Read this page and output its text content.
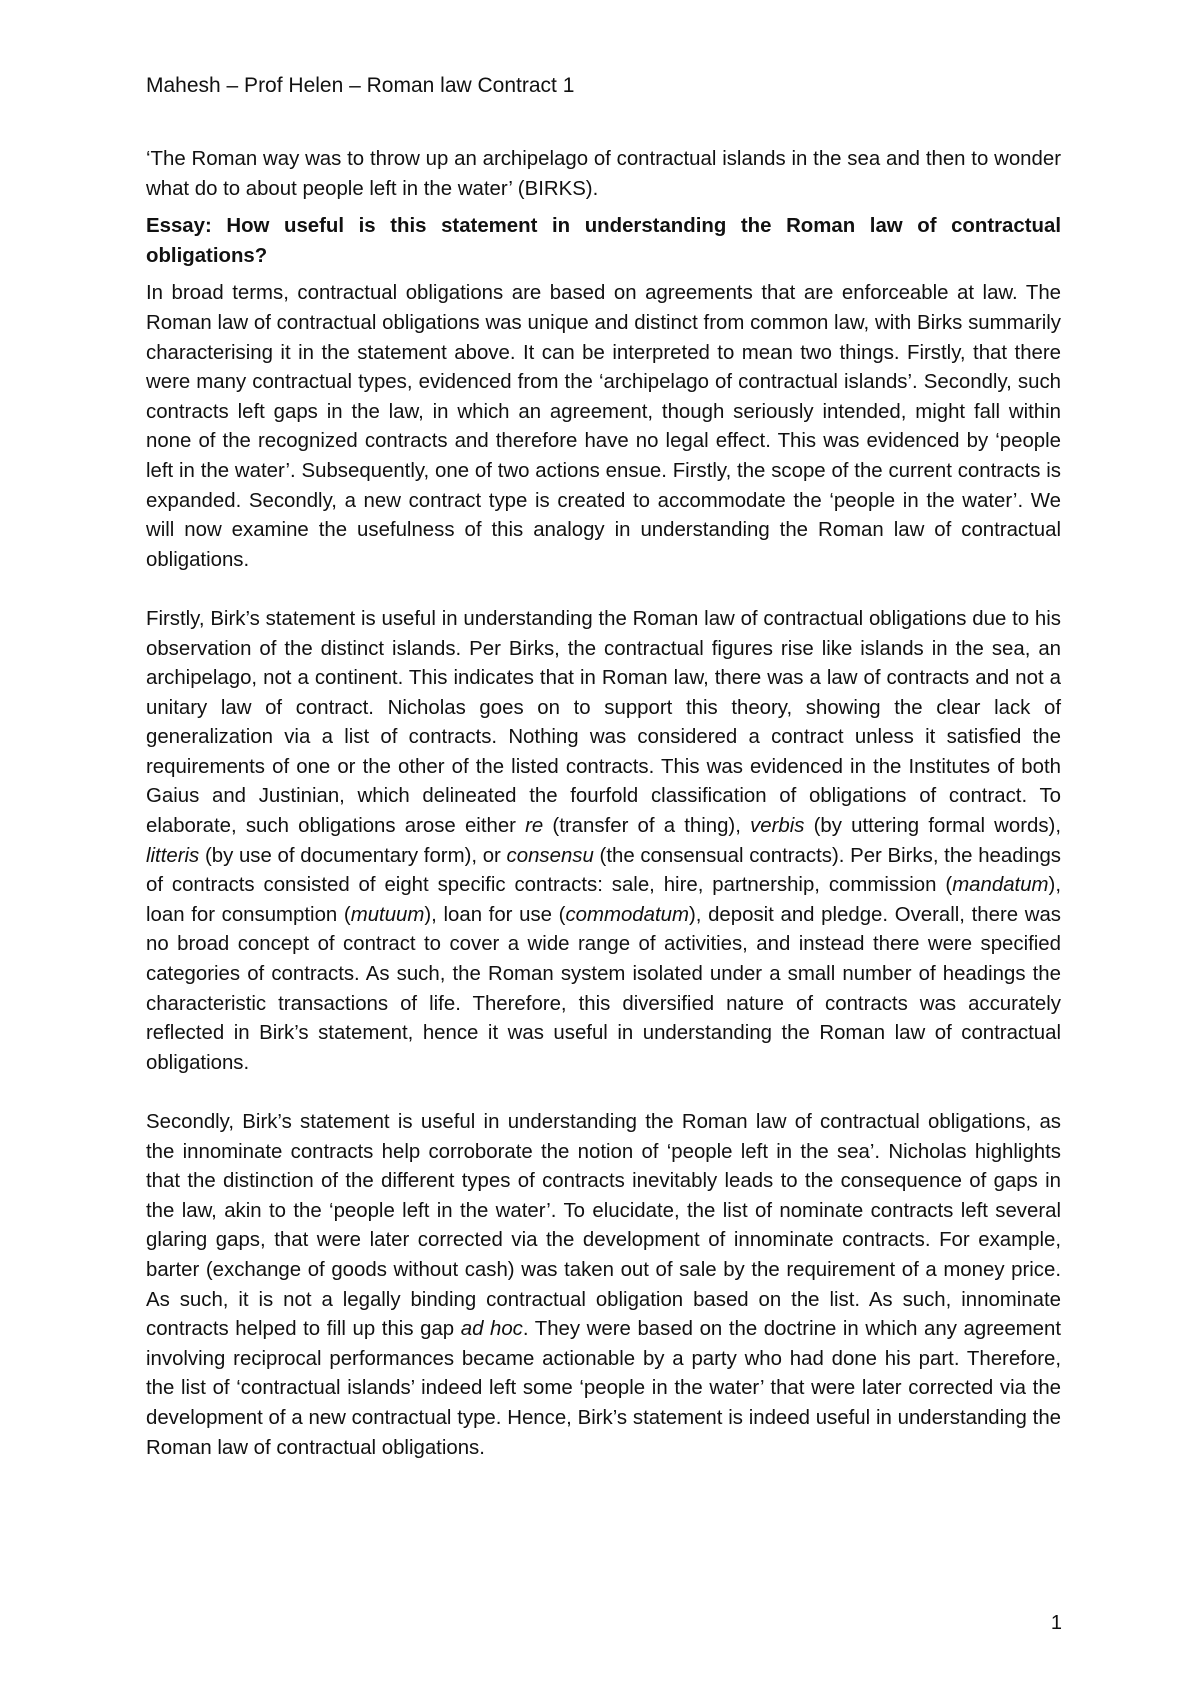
Mahesh – Prof Helen – Roman law Contract 1

‘The Roman way was to throw up an archipelago of contractual islands in the sea and then to wonder what do to about people left in the water’ (BIRKS).

Essay: How useful is this statement in understanding the Roman law of contractual obligations?

In broad terms, contractual obligations are based on agreements that are enforceable at law. The Roman law of contractual obligations was unique and distinct from common law, with Birks summarily characterising it in the statement above. It can be interpreted to mean two things. Firstly, that there were many contractual types, evidenced from the ‘archipelago of contractual islands’. Secondly, such contracts left gaps in the law, in which an agreement, though seriously intended, might fall within none of the recognized contracts and therefore have no legal effect. This was evidenced by ‘people left in the water’. Subsequently, one of two actions ensue. Firstly, the scope of the current contracts is expanded. Secondly, a new contract type is created to accommodate the ‘people in the water’. We will now examine the usefulness of this analogy in understanding the Roman law of contractual obligations.

Firstly, Birk’s statement is useful in understanding the Roman law of contractual obligations due to his observation of the distinct islands. Per Birks, the contractual figures rise like islands in the sea, an archipelago, not a continent. This indicates that in Roman law, there was a law of contracts and not a unitary law of contract. Nicholas goes on to support this theory, showing the clear lack of generalization via a list of contracts. Nothing was considered a contract unless it satisfied the requirements of one or the other of the listed contracts. This was evidenced in the Institutes of both Gaius and Justinian, which delineated the fourfold classification of obligations of contract. To elaborate, such obligations arose either re (transfer of a thing), verbis (by uttering formal words), litteris (by use of documentary form), or consensu (the consensual contracts). Per Birks, the headings of contracts consisted of eight specific contracts: sale, hire, partnership, commission (mandatum), loan for consumption (mutuum), loan for use (commodatum), deposit and pledge. Overall, there was no broad concept of contract to cover a wide range of activities, and instead there were specified categories of contracts. As such, the Roman system isolated under a small number of headings the characteristic transactions of life. Therefore, this diversified nature of contracts was accurately reflected in Birk’s statement, hence it was useful in understanding the Roman law of contractual obligations.

Secondly, Birk’s statement is useful in understanding the Roman law of contractual obligations, as the innominate contracts help corroborate the notion of ‘people left in the sea’. Nicholas highlights that the distinction of the different types of contracts inevitably leads to the consequence of gaps in the law, akin to the ‘people left in the water’. To elucidate, the list of nominate contracts left several glaring gaps, that were later corrected via the development of innominate contracts. For example, barter (exchange of goods without cash) was taken out of sale by the requirement of a money price. As such, it is not a legally binding contractual obligation based on the list. As such, innominate contracts helped to fill up this gap ad hoc. They were based on the doctrine in which any agreement involving reciprocal performances became actionable by a party who had done his part. Therefore, the list of ‘contractual islands’ indeed left some ‘people in the water’ that were later corrected via the development of a new contractual type. Hence, Birk’s statement is indeed useful in understanding the Roman law of contractual obligations.

1
